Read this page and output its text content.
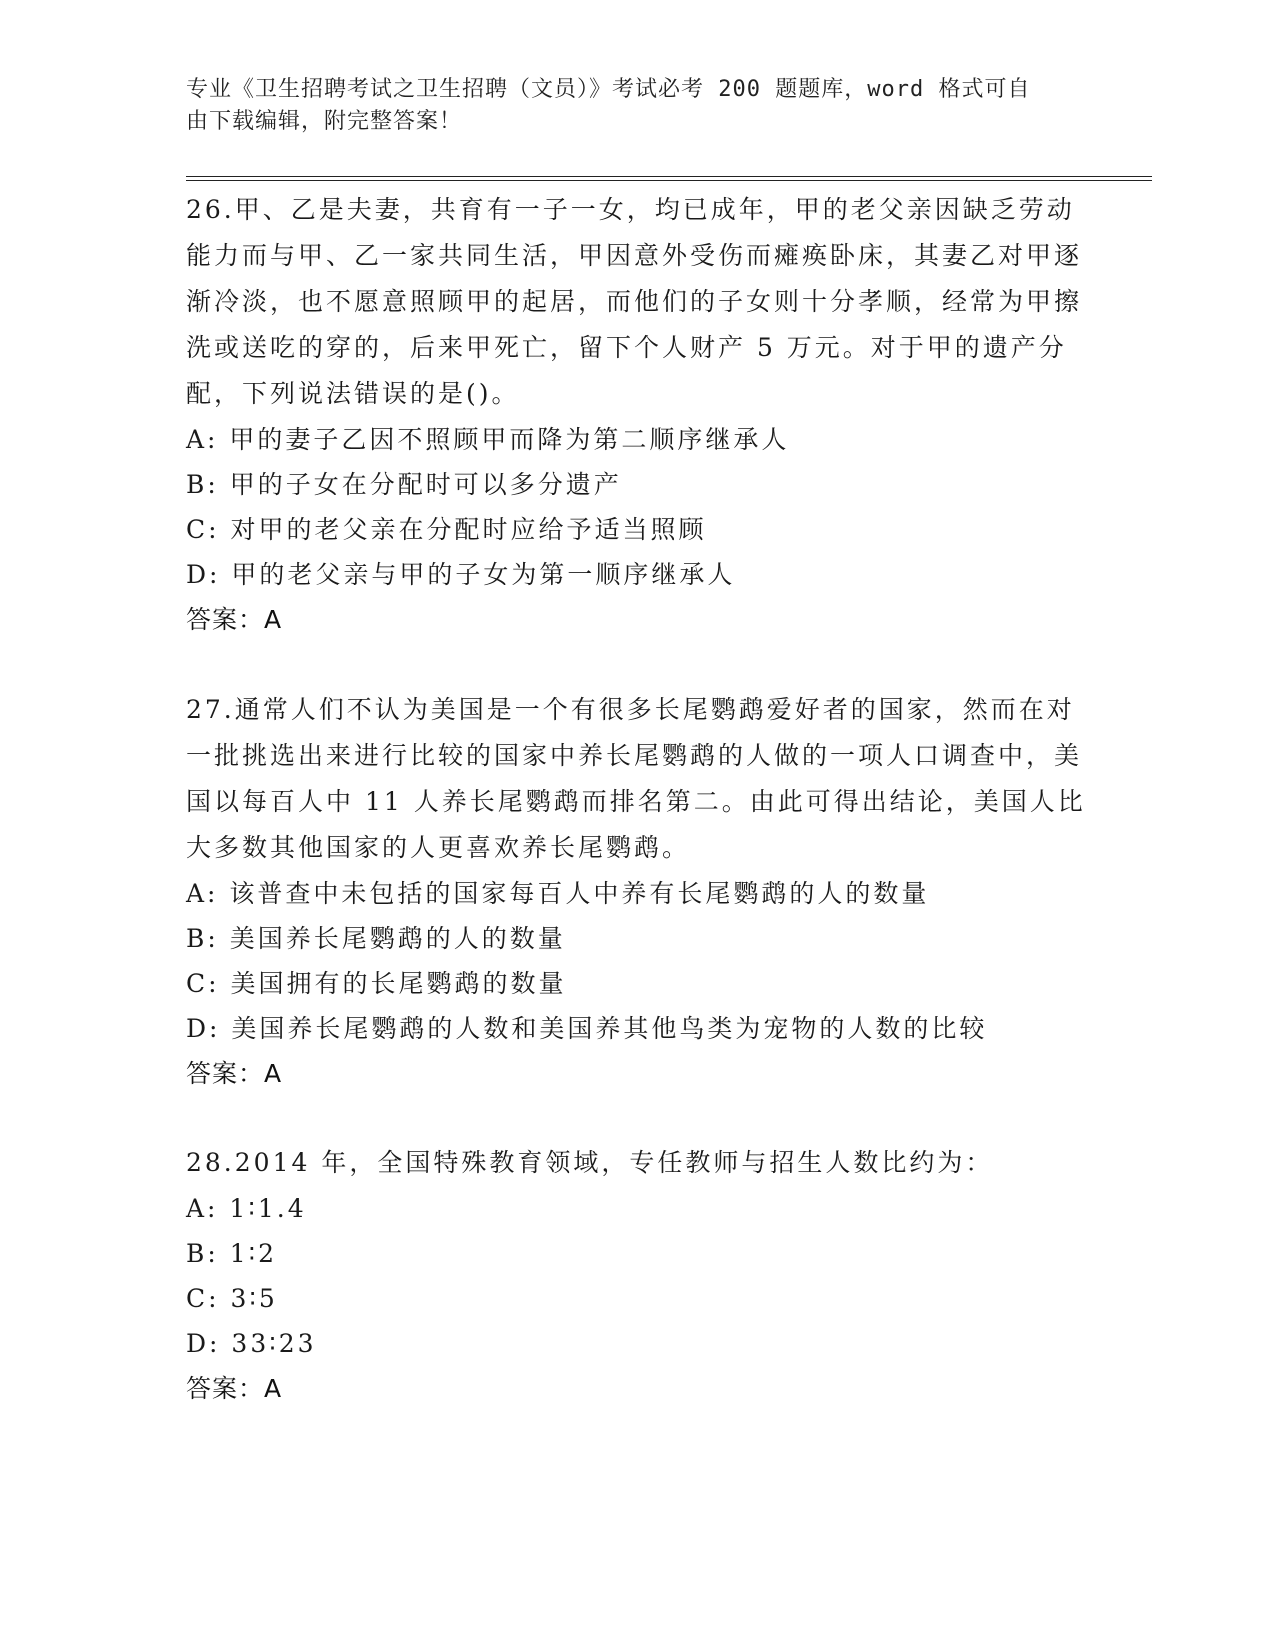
专业《卫生招聘考试之卫生招聘（文员）》考试必考 200 题题库，word 格式可自
由下载编辑，附完整答案！

26.甲、乙是夫妻，共育有一子一女，均已成年，甲的老父亲因缺乏劳动能力而与甲、乙一家共同生活，甲因意外受伤而瘫痪卧床，其妻乙对甲逐渐冷淡，也不愿意照顾甲的起居，而他们的子女则十分孝顺，经常为甲擦洗或送吃的穿的，后来甲死亡，留下个人财产 5 万元。对于甲的遗产分配，下列说法错误的是()。

A: 甲的妻子乙因不照顾甲而降为第二顺序继承人

B: 甲的子女在分配时可以多分遗产

C: 对甲的老父亲在分配时应给予适当照顾

D: 甲的老父亲与甲的子女为第一顺序继承人

答案：A

27.通常人们不认为美国是一个有很多长尾鹦鹉爱好者的国家，然而在对一批挑选出来进行比较的国家中养长尾鹦鹉的人做的一项人口调查中，美国以每百人中 11 人养长尾鹦鹉而排名第二。由此可得出结论，美国人比大多数其他国家的人更喜欢养长尾鹦鹉。

A: 该普查中未包括的国家每百人中养有长尾鹦鹉的人的数量

B: 美国养长尾鹦鹉的人的数量

C: 美国拥有的长尾鹦鹉的数量

D: 美国养长尾鹦鹉的人数和美国养其他鸟类为宠物的人数的比较

答案：A

28.2014 年，全国特殊教育领域，专任教师与招生人数比约为：

A: 1∶1.4

B: 1∶2

C: 3∶5

D: 33∶23

答案：A
